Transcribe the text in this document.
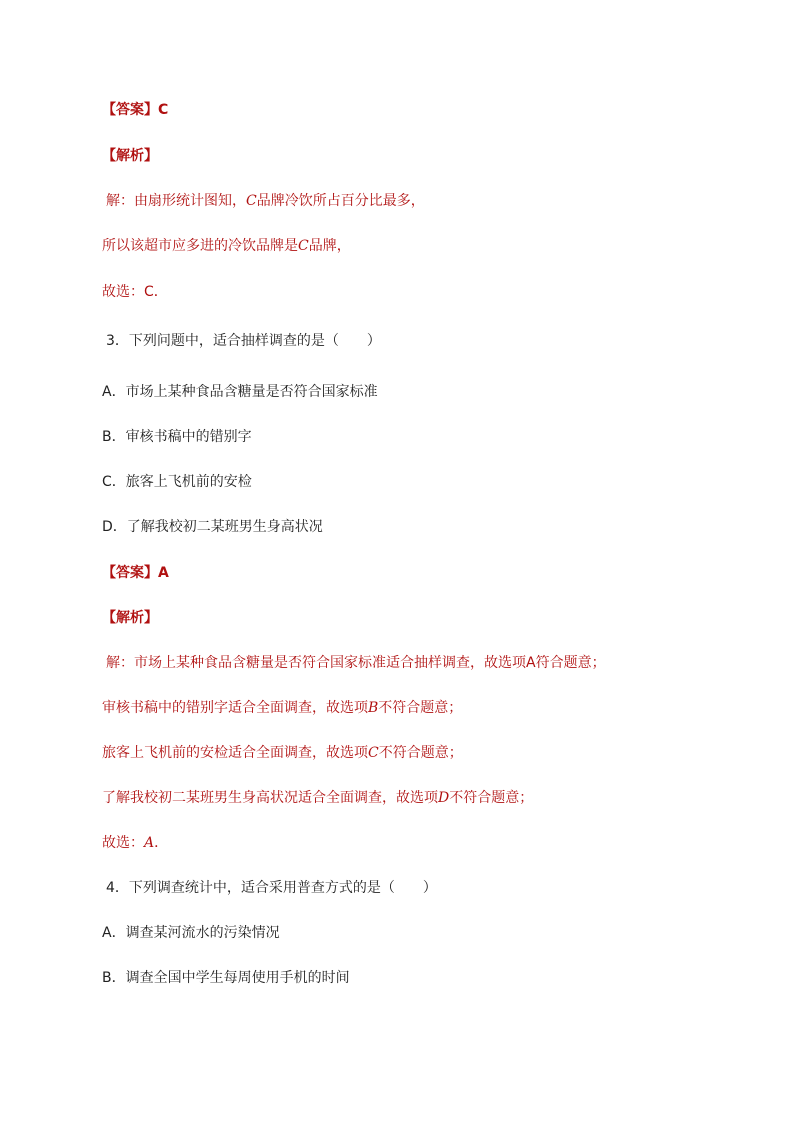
【答案】C
【解析】
解：由扇形统计图知，C品牌冷饮所占百分比最多，
所以该超市应多进的冷饮品牌是C品牌，
故选：C．
3．下列问题中，适合抽样调查的是（　　）
A．市场上某种食品含糖量是否符合国家标准
B．审核书稿中的错别字
C．旅客上飞机前的安检
D．了解我校初二某班男生身高状况
【答案】A
【解析】
解：市场上某种食品含糖量是否符合国家标准适合抽样调查，故选项A符合题意；
审核书稿中的错别字适合全面调查，故选项B不符合题意；
旅客上飞机前的安检适合全面调查，故选项C不符合题意；
了解我校初二某班男生身高状况适合全面调查，故选项D不符合题意；
故选：A．
4．下列调查统计中，适合采用普查方式的是（　　）
A．调查某河流水的污染情况
B．调查全国中学生每周使用手机的时间
